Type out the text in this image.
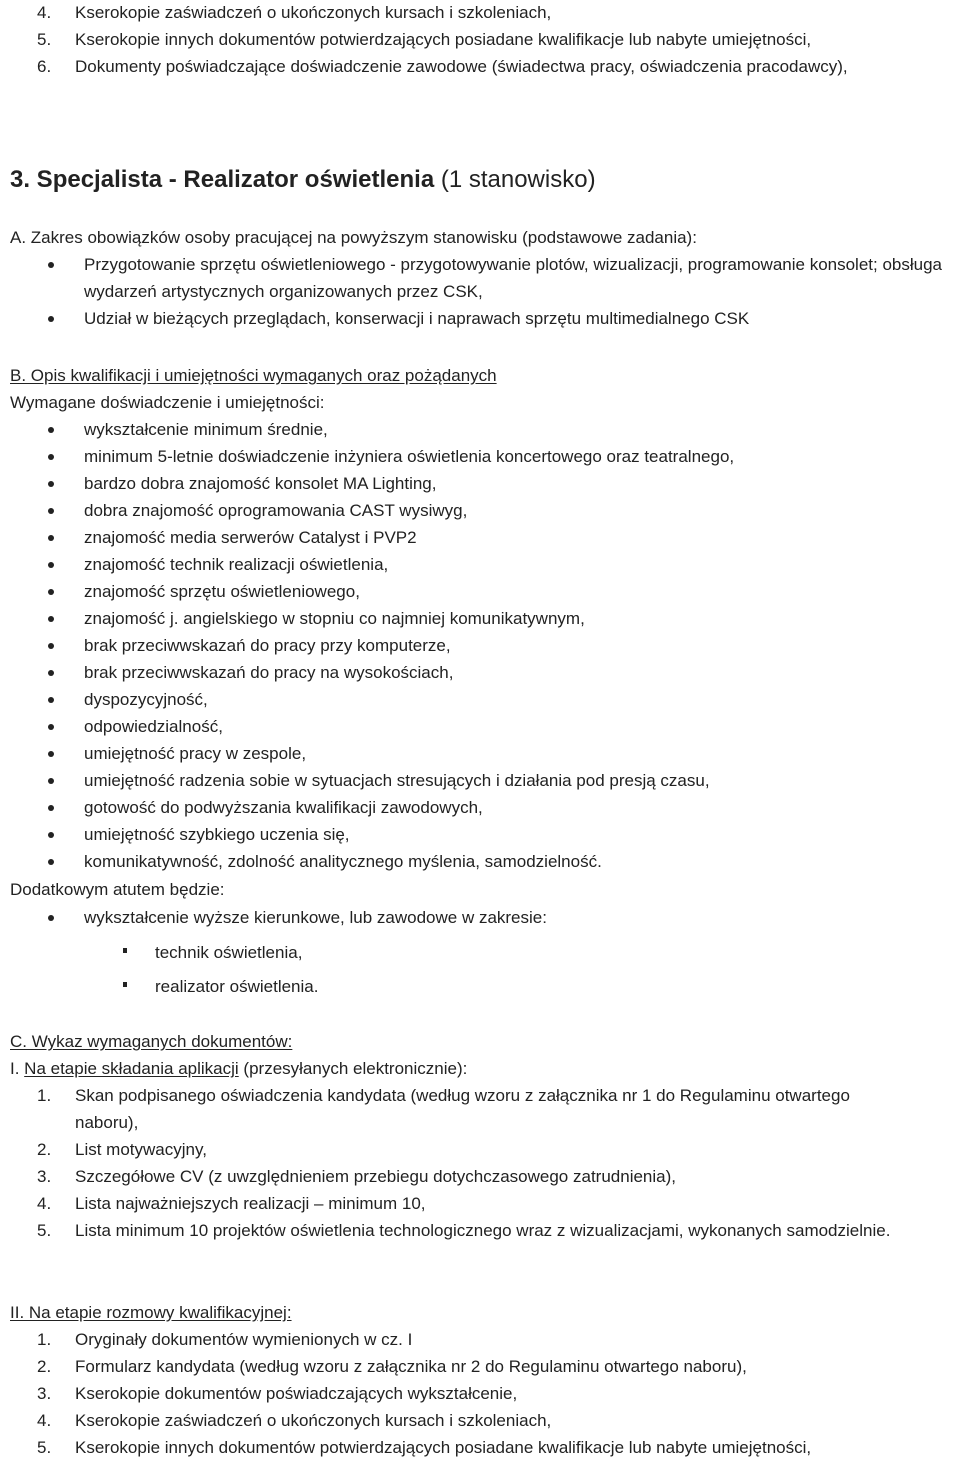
4.	Kserokopie zaświadczeń o ukończonych kursach i szkoleniach,
5.	Kserokopie innych dokumentów potwierdzających posiadane kwalifikacje lub nabyte umiejętności,
6.	Dokumenty poświadczające doświadczenie zawodowe (świadectwa pracy, oświadczenia pracodawcy),
3. Specjalista - Realizator oświetlenia (1 stanowisko)
A. Zakres obowiązków osoby pracującej na powyższym stanowisku (podstawowe zadania):
Przygotowanie sprzętu oświetleniowego - przygotowywanie plotów, wizualizacji, programowanie konsolet; obsługa wydarzeń artystycznych organizowanych przez CSK,
Udział w bieżących przeglądach, konserwacji i naprawach sprzętu multimedialnego CSK
B. Opis kwalifikacji i umiejętności wymaganych oraz pożądanych
Wymagane doświadczenie i umiejętności:
wykształcenie minimum średnie,
minimum 5-letnie doświadczenie inżyniera oświetlenia koncertowego oraz teatralnego,
bardzo dobra znajomość konsolet MA Lighting,
dobra znajomość oprogramowania CAST wysiwyg,
znajomość media serwerów Catalyst i PVP2
znajomość technik realizacji oświetlenia,
znajomość sprzętu oświetleniowego,
znajomość j. angielskiego w stopniu co najmniej komunikatywnym,
brak przeciwwskazań do pracy przy komputerze,
brak przeciwwskazań do pracy na wysokościach,
dyspozycyjność,
odpowiedzialność,
umiejętność pracy w zespole,
umiejętność radzenia sobie w sytuacjach stresujących i działania pod presją czasu,
gotowość do podwyższania kwalifikacji zawodowych,
umiejętność szybkiego uczenia się,
komunikatywność, zdolność analitycznego myślenia, samodzielność.
Dodatkowym atutem będzie:
wykształcenie wyższe kierunkowe, lub zawodowe w zakresie:
technik oświetlenia,
realizator oświetlenia.
C. Wykaz wymaganych dokumentów:
I. Na etapie składania aplikacji (przesyłanych elektronicznie):
1.	Skan podpisanego oświadczenia kandydata (według wzoru z załącznika nr 1 do Regulaminu otwartego naboru),
2.	List motywacyjny,
3.	Szczegółowe CV (z uwzględnieniem przebiegu dotychczasowego zatrudnienia),
4.	Lista najważniejszych realizacji – minimum 10,
5.	Lista minimum 10 projektów oświetlenia technologicznego wraz z wizualizacjami, wykonanych samodzielnie.
II. Na etapie rozmowy kwalifikacyjnej:
1.	Oryginały dokumentów wymienionych w cz. I
2.	Formularz kandydata (według wzoru z załącznika nr 2 do Regulaminu otwartego naboru),
3.	Kserokopie dokumentów poświadczających wykształcenie,
4.	Kserokopie zaświadczeń o ukończonych kursach i szkoleniach,
5.	Kserokopie innych dokumentów potwierdzających posiadane kwalifikacje lub nabyte umiejętności,
